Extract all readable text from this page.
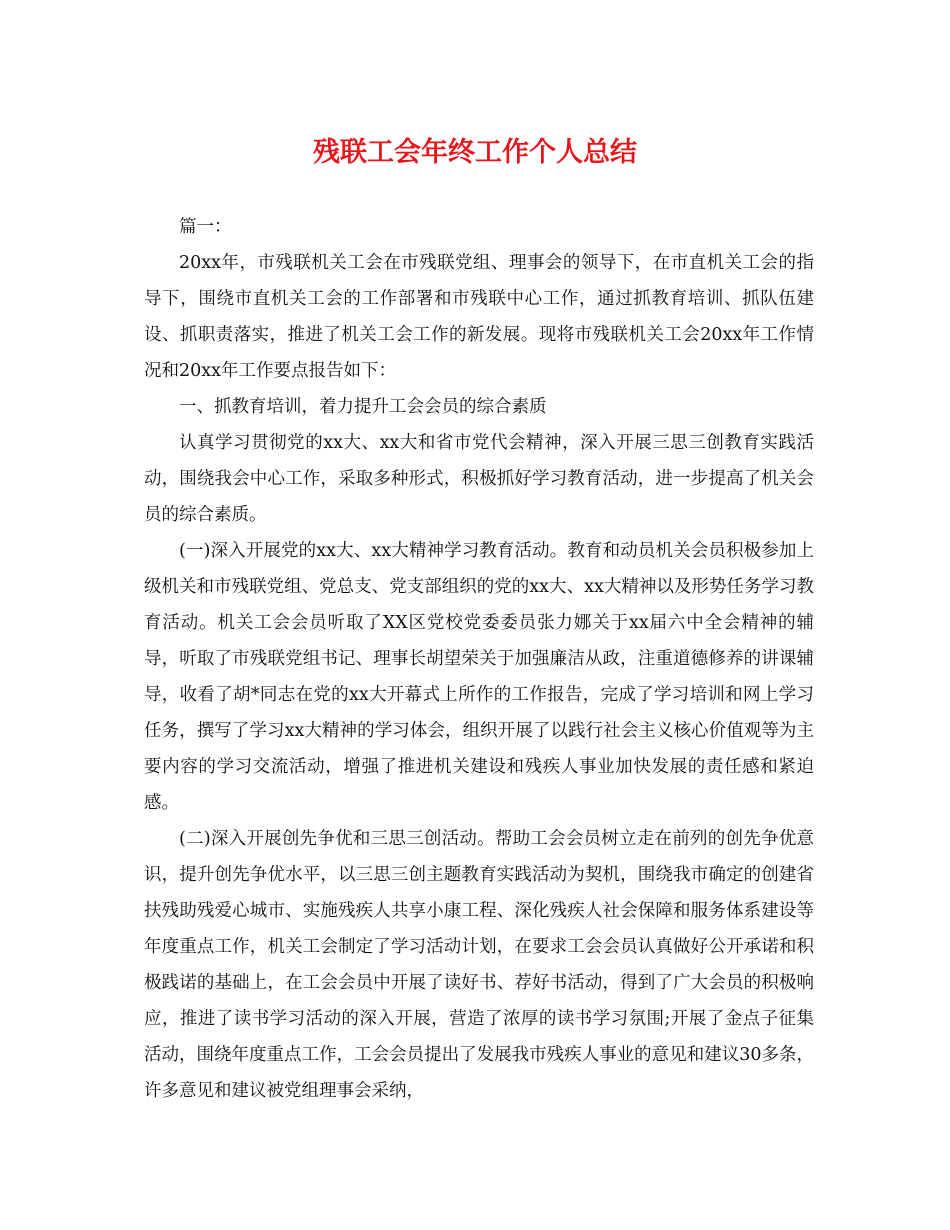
残联工会年终工作个人总结

篇一：

20xx年，市残联机关工会在市残联党组、理事会的领导下，在市直机关工会的指导下，围绕市直机关工会的工作部署和市残联中心工作，通过抓教育培训、抓队伍建设、抓职责落实，推进了机关工会工作的新发展。现将市残联机关工会20xx年工作情况和20xx年工作要点报告如下：

一、抓教育培训，着力提升工会会员的综合素质

认真学习贯彻党的xx大、xx大和省市党代会精神，深入开展三思三创教育实践活动，围绕我会中心工作，采取多种形式，积极抓好学习教育活动，进一步提高了机关会员的综合素质。

(一)深入开展党的xx大、xx大精神学习教育活动。教育和动员机关会员积极参加上级机关和市残联党组、党总支、党支部组织的党的xx大、xx大精神以及形势任务学习教育活动。机关工会会员听取了XX区党校党委委员张力娜关于xx届六中全会精神的辅导，听取了市残联党组书记、理事长胡望荣关于加强廉洁从政，注重道德修养的讲课辅导，收看了胡*同志在党的xx大开幕式上所作的工作报告，完成了学习培训和网上学习任务，撰写了学习xx大精神的学习体会，组织开展了以践行社会主义核心价值观等为主要内容的学习交流活动，增强了推进机关建设和残疾人事业加快发展的责任感和紧迫感。

(二)深入开展创先争优和三思三创活动。帮助工会会员树立走在前列的创先争优意识，提升创先争优水平，以三思三创主题教育实践活动为契机，围绕我市确定的创建省扶残助残爱心城市、实施残疾人共享小康工程、深化残疾人社会保障和服务体系建设等年度重点工作，机关工会制定了学习活动计划，在要求工会会员认真做好公开承诺和积极践诺的基础上，在工会会员中开展了读好书、荐好书活动，得到了广大会员的积极响应，推进了读书学习活动的深入开展，营造了浓厚的读书学习氛围;开展了金点子征集活动，围绕年度重点工作，工会会员提出了发展我市残疾人事业的意见和建议30多条，许多意见和建议被党组理事会采纳，
